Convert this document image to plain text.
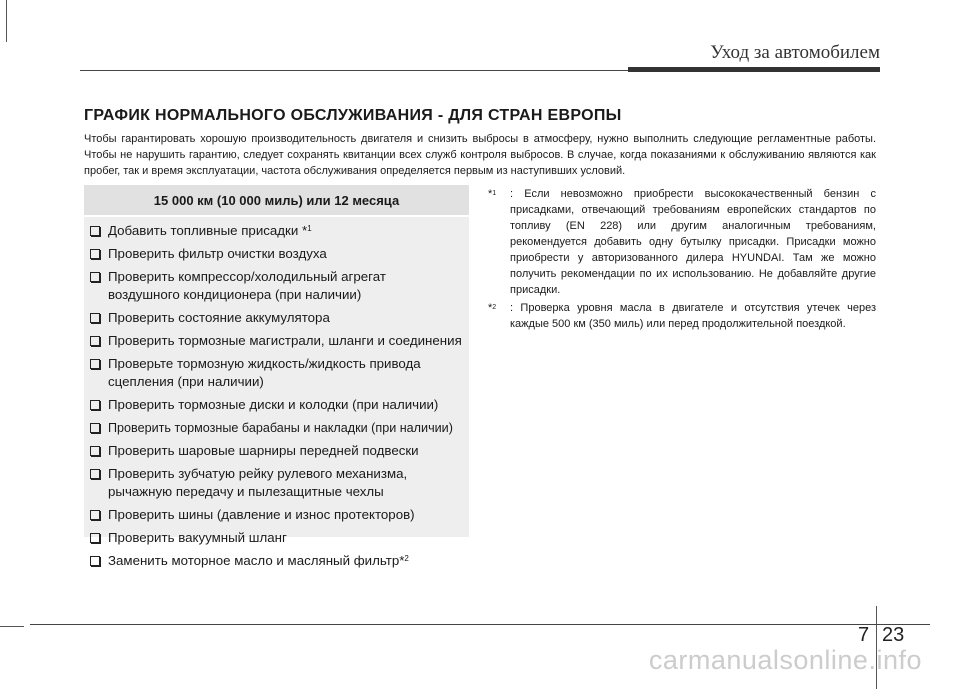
Уход за автомобилем
ГРАФИК НОРМАЛЬНОГО ОБСЛУЖИВАНИЯ - ДЛЯ СТРАН ЕВРОПЫ
Чтобы гарантировать хорошую производительность двигателя и снизить выбросы в атмосферу, нужно выполнить следующие регламентные работы. Чтобы не нарушить гарантию, следует сохранять квитанции всех служб контроля выбросов. В случае, когда показаниями к обслуживанию являются как пробег, так и время эксплуатации, частота обслуживания определяется первым из наступивших условий.
15 000 км (10 000 миль) или 12 месяца
Добавить топливные присадки *$^1$
Проверить фильтр очистки воздуха
Проверить компрессор/холодильный агрегат
воздушного кондиционера (при наличии)
Проверить состояние аккумулятора
Проверить тормозные магистрали, шланги и соединения
Проверьте тормозную жидкость/жидкость привода
сцепления (при наличии)
Проверить тормозные диски и колодки (при наличии)
Проверить тормозные барабаны и накладки (при наличии)
Проверить шаровые шарниры передней подвески
Проверить зубчатую рейку рулевого механизма,
рычажную передачу и пылезащитные чехлы
Проверить шины (давление и износ протекторов)
Проверить вакуумный шланг
Заменить моторное масло и масляный фильтр*$^2$
*$^1$ : Если невозможно приобрести высококачественный бензин с присадками, отвечающий требованиям европейских стандартов по топливу (EN 228) или другим аналогичным требованиям, рекомендуется добавить одну бутылку присадки. Присадки можно приобрести у авторизованного дилера HYUNDAI. Там же можно получить рекомендации по их использованию. Не добавляйте другие присадки.
*$^2$ : Проверка уровня масла в двигателе и отсутствия утечек через каждые 500 км (350 миль) или перед продолжительной поездкой.
7 23
carmanualsonline.info
